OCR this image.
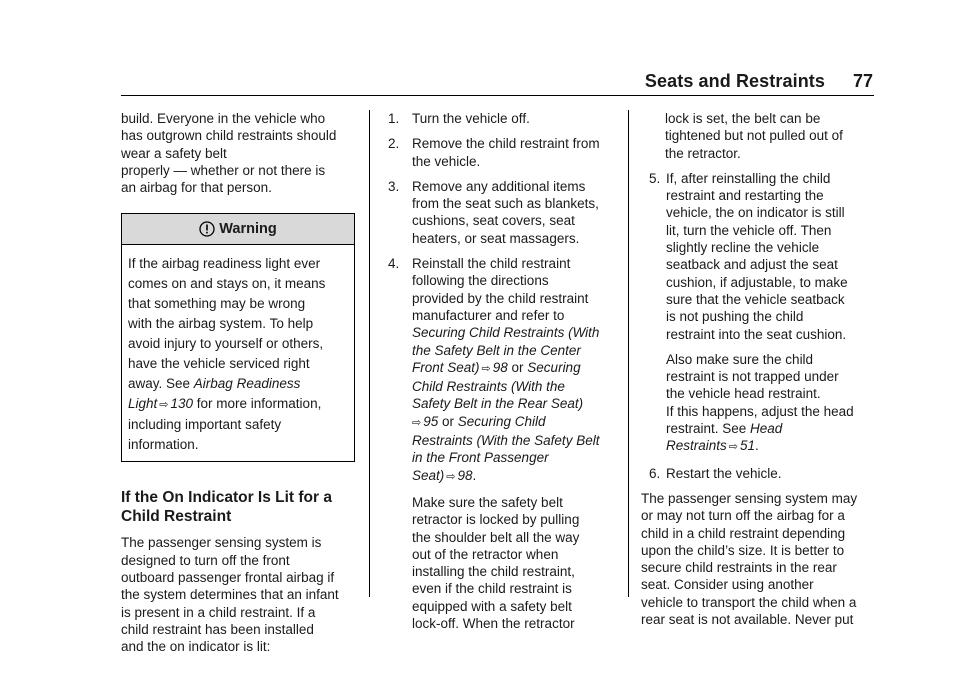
Seats and Restraints 77

build. Everyone in the vehicle who
has outgrown child restraints should
wear a safety belt
properly — whether or not there is
an airbag for that person.

Warning
If the airbag readiness light ever
comes on and stays on, it means
that something may be wrong
with the airbag system. To help
avoid injury to yourself or others,
have the vehicle serviced right
away. See Airbag Readiness
Light ⇨ 130 for more information,
including important safety
information.
If the On Indicator Is Lit for a
Child Restraint

The passenger sensing system is
designed to turn off the front
outboard passenger frontal airbag if
the system determines that an infant
is present in a child restraint. If a
child restraint has been installed
and the on indicator is lit:

1. Turn the vehicle off.
2. Remove the child restraint from
the vehicle.
3. Remove any additional items
from the seat such as blankets,
cushions, seat covers, seat
heaters, or seat massagers.
4. Reinstall the child restraint
following the directions
provided by the child restraint
manufacturer and refer to
Securing Child Restraints (With
the Safety Belt in the Center
Front Seat) ⇨ 98 or Securing
Child Restraints (With the
Safety Belt in the Rear Seat)
⇨ 95 or Securing Child
Restraints (With the Safety Belt
in the Front Passenger
Seat) ⇨ 98.
Make sure the safety belt
retractor is locked by pulling
the shoulder belt all the way
out of the retractor when
installing the child restraint,
even if the child restraint is
equipped with a safety belt
lock-off. When the retractor
lock is set, the belt can be
tightened but not pulled out of
the retractor.
5. If, after reinstalling the child
restraint and restarting the
vehicle, the on indicator is still
lit, turn the vehicle off. Then
slightly recline the vehicle
seatback and adjust the seat
cushion, if adjustable, to make
sure that the vehicle seatback
is not pushing the child
restraint into the seat cushion.
Also make sure the child
restraint is not trapped under
the vehicle head restraint.
If this happens, adjust the head
restraint. See Head
Restraints ⇨ 51.
6. Restart the vehicle.

The passenger sensing system may
or may not turn off the airbag for a
child in a child restraint depending
upon the child’s size. It is better to
secure child restraints in the rear
seat. Consider using another
vehicle to transport the child when a
rear seat is not available. Never put
